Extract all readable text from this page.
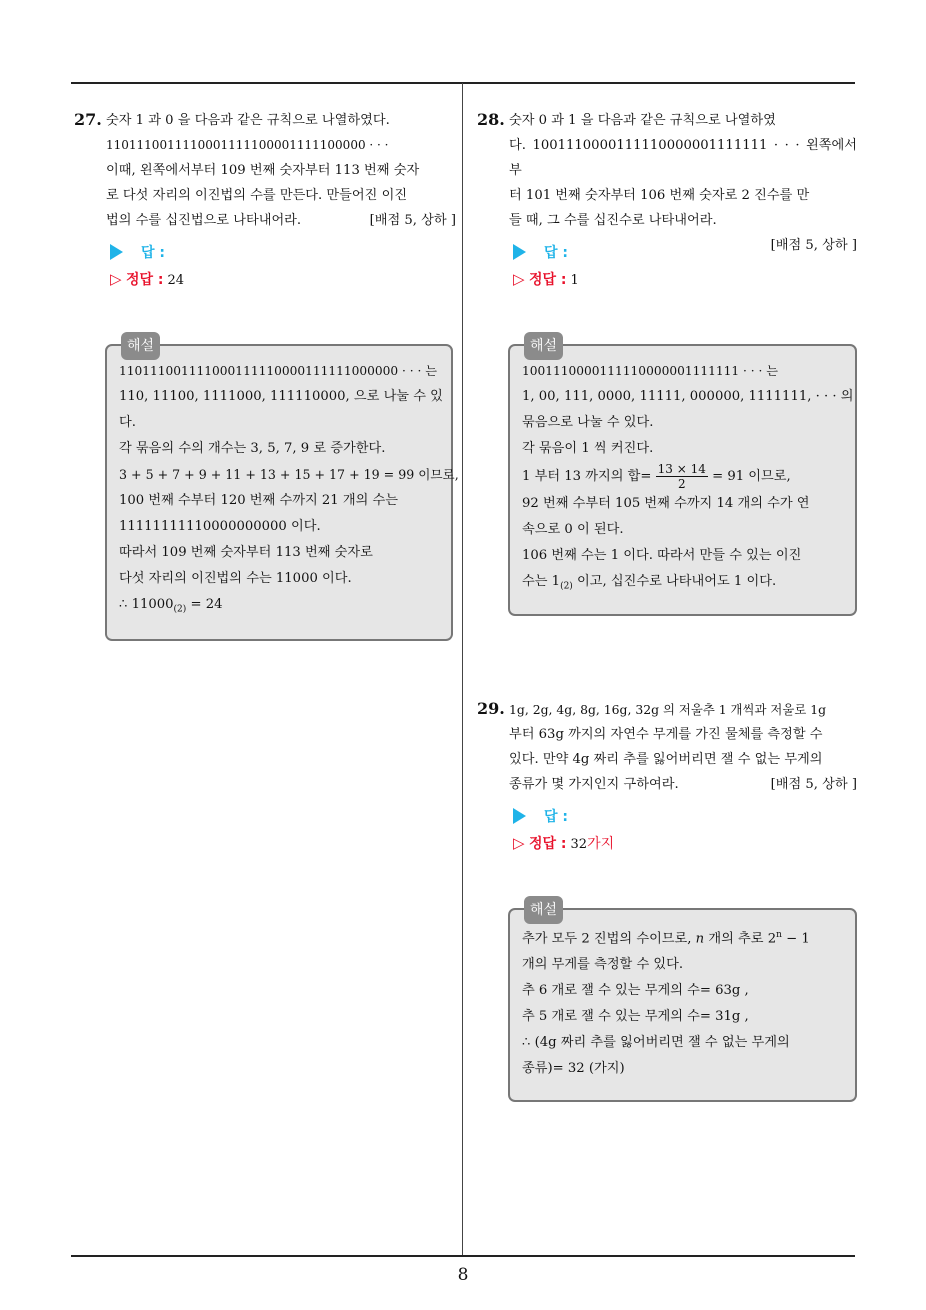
27. 숫자 1 과 0 을 다음과 같은 규칙으로 나열하였다.
1101110011110001111100001111100000 · · ·
이때, 왼쪽에서부터 109 번째 숫자부터 113 번째 숫자
로 다섯 자리의 이진법의 수를 만든다. 만들어진 이진
법의 수를 십진법으로 나타내어라.	[배점 5, 상하 ]
답 :
▷ 정답 : 24
해설
110111001111000111110000111111000000 · · · 는
110, 11100, 1111000, 111110000, 으로 나눌 수 있
다.
각 묶음의 수의 개수는 3, 5, 7, 9 로 증가한다.
3 + 5 + 7 + 9 + 11 + 13 + 15 + 17 + 19 = 99 이므로,
100 번째 수부터 120 번째 수까지 21 개의 수는
11111111110000000000 이다.
따라서 109 번째 숫자부터 113 번째 숫자로
다섯 자리의 이진법의 수는 11000 이다.
∴ $11000_{(2)} = 24$
28. 숫자 0 과 1 을 다음과 같은 규칙으로 나열하였
다. 1001110000111110000001111111 · · · 왼쪽에서부
터 101 번째 숫자부터 106 번째 숫자로 2 진수를 만
들 때, 그 수를 십진수로 나타내어라.
[배점 5, 상하 ]
답 :
▷ 정답 : 1
해설
1001110000111110000001111111 · · · 는
1, 00, 111, 0000, 11111, 000000, 1111111, · · · 의
묶음으로 나눌 수 있다.
각 묶음이 1 씩 커진다.
1 부터 13 까지의 합= $\frac{13 \times 14}{2} = 91$ 이므로,
92 번째 수부터 105 번째 수까지 14 개의 수가 연
속으로 0 이 된다.
106 번째 수는 1 이다. 따라서 만들 수 있는 이진
수는 $1_{(2)}$ 이고, 십진수로 나타내어도 1 이다.
29. 1g, 2g, 4g, 8g, 16g, 32g 의 저울추 1 개씩과 저울로 1g
부터 63g 까지의 자연수 무게를 가진 물체를 측정할 수
있다. 만약 4g 짜리 추를 잃어버리면 잴 수 없는 무게의
종류가 몇 가지인지 구하여라.	[배점 5, 상하 ]
답 :
▷ 정답 : 32가지
해설
추가 모두 2 진법의 수이므로, n 개의 추로 $2^n - 1$
개의 무게를 측정할 수 있다.
추 6 개로 잴 수 있는 무게의 수= 63g ,
추 5 개로 잴 수 있는 무게의 수= 31g ,
∴ (4g 짜리 추를 잃어버리면 잴 수 없는 무게의
종류)= 32 (가지)
8
